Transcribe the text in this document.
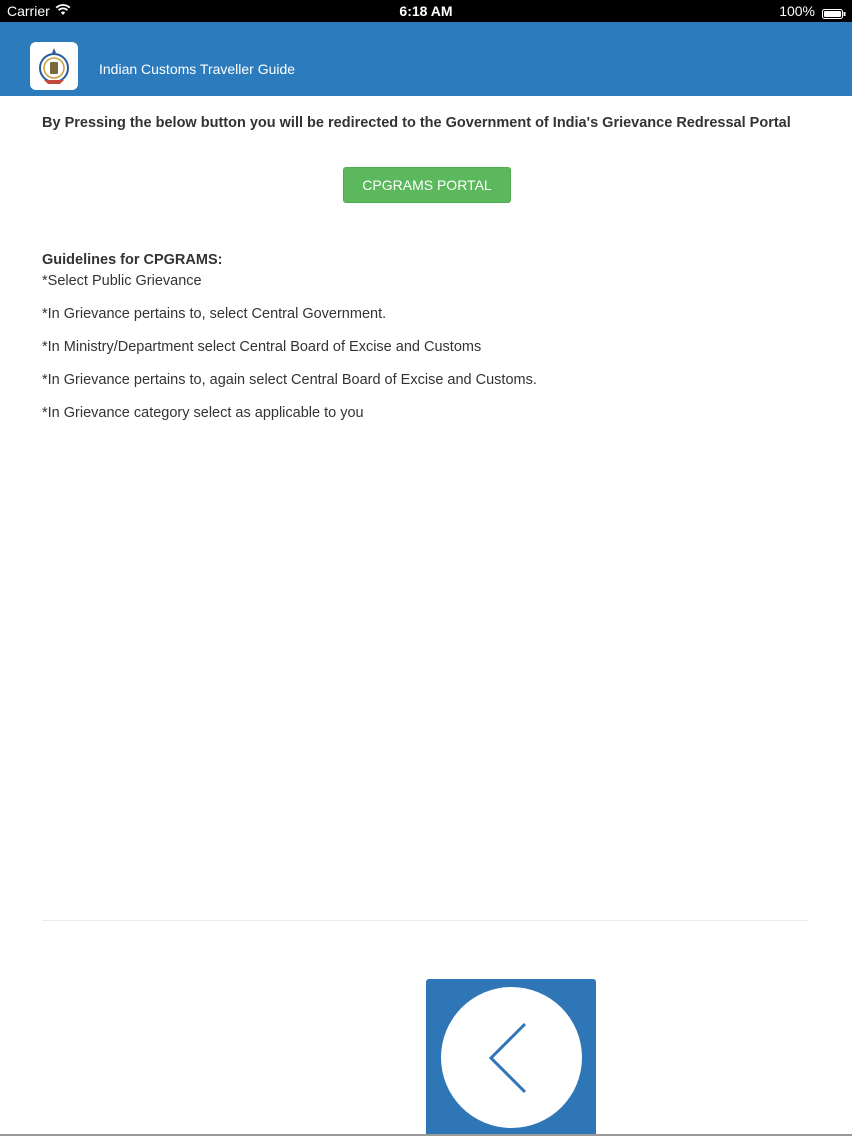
Carrier	6:18 AM	100%
Indian Customs Traveller Guide

By Pressing the below button you will be redirected to the Government of India's Grievance Redressal Portal

CPGRAMS PORTAL

Guidelines for CPGRAMS:

*Select Public Grievance

*In Grievance pertains to, select Central Government.

*In Ministry/Department select Central Board of Excise and Customs

*In Grievance pertains to, again select Central Board of Excise and Customs.

*In Grievance category select as applicable to you
